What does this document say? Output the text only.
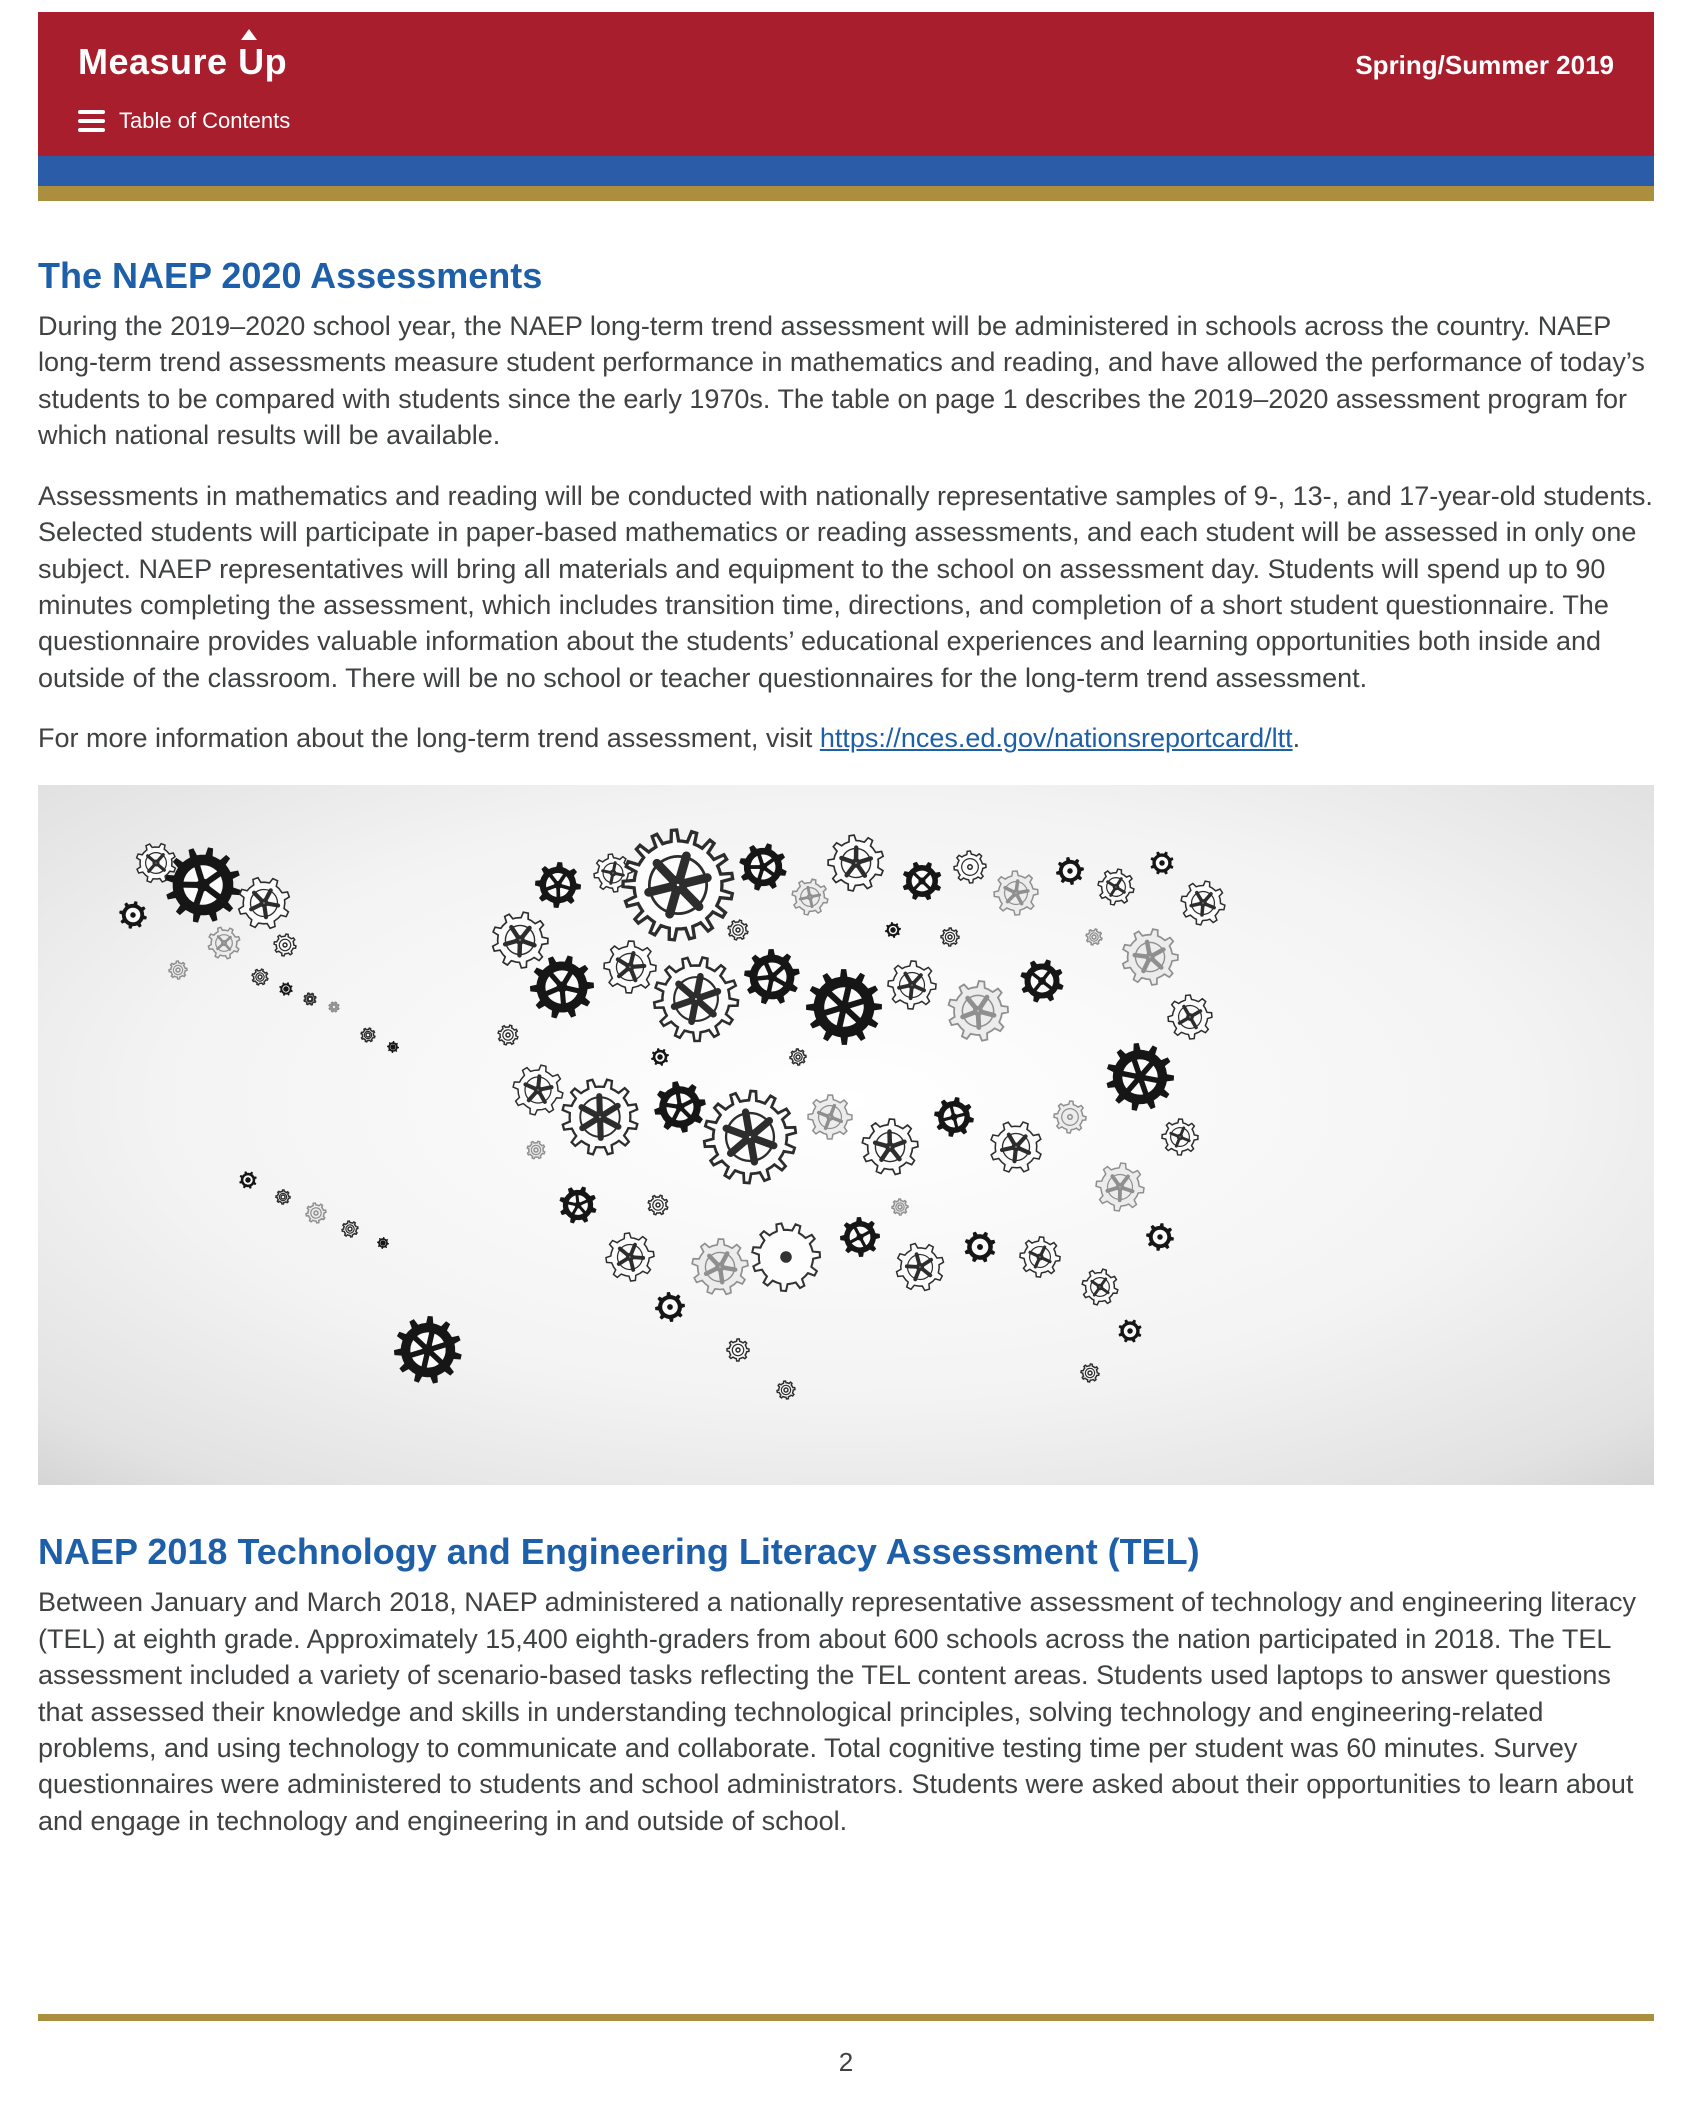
Measure Up	Spring/Summer 2019
Table of Contents
The NAEP 2020 Assessments

During the 2019–2020 school year, the NAEP long-term trend assessment will be administered in schools across the country. NAEP long-term trend assessments measure student performance in mathematics and reading, and have allowed the performance of today’s students to be compared with students since the early 1970s. The table on page 1 describes the 2019–2020 assessment program for which national results will be available.

Assessments in mathematics and reading will be conducted with nationally representative samples of 9-, 13-, and 17-year-old students. Selected students will participate in paper-based mathematics or reading assessments, and each student will be assessed in only one subject. NAEP representatives will bring all materials and equipment to the school on assessment day. Students will spend up to 90 minutes completing the assessment, which includes transition time, directions, and completion of a short student questionnaire. The questionnaire provides valuable information about the students’ educational experiences and learning opportunities both inside and outside of the classroom. There will be no school or teacher questionnaires for the long-term trend assessment.

For more information about the long-term trend assessment, visit https://nces.ed.gov/nationsreportcard/ltt.

NAEP 2018 Technology and Engineering Literacy Assessment (TEL)

Between January and March 2018, NAEP administered a nationally representative assessment of technology and engineering literacy (TEL) at eighth grade. Approximately 15,400 eighth-graders from about 600 schools across the nation participated in 2018. The TEL assessment included a variety of scenario-based tasks reflecting the TEL content areas. Students used laptops to answer questions that assessed their knowledge and skills in understanding technological principles, solving technology and engineering-related problems, and using technology to communicate and collaborate. Total cognitive testing time per student was 60 minutes. Survey questionnaires were administered to students and school administrators. Students were asked about their opportunities to learn about and engage in technology and engineering in and outside of school.

2
